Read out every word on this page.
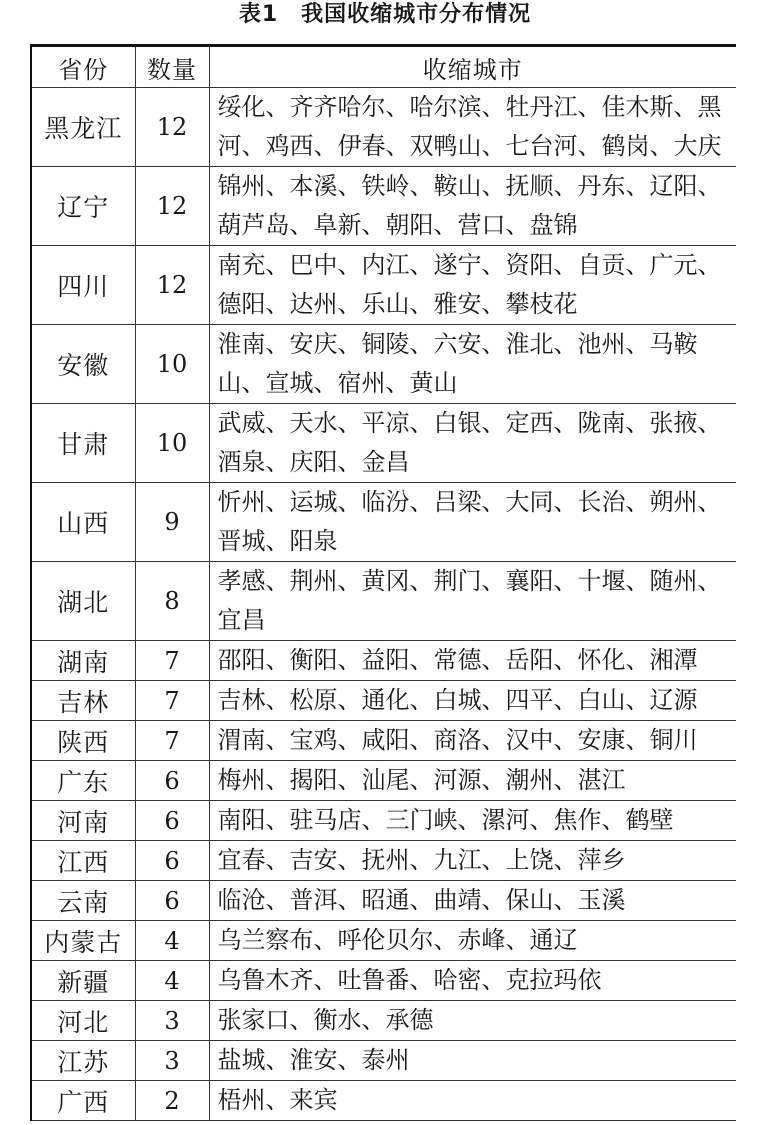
表1　我国收缩城市分布情况
省份	数量	收缩城市
黑龙江	12	绥化、齐齐哈尔、哈尔滨、牡丹江、佳木斯、黑河、鸡西、伊春、双鸭山、七台河、鹤岗、大庆
辽宁	12	锦州、本溪、铁岭、鞍山、抚顺、丹东、辽阳、葫芦岛、阜新、朝阳、营口、盘锦
四川	12	南充、巴中、内江、遂宁、资阳、自贡、广元、德阳、达州、乐山、雅安、攀枝花
安徽	10	淮南、安庆、铜陵、六安、淮北、池州、马鞍山、宣城、宿州、黄山
甘肃	10	武威、天水、平凉、白银、定西、陇南、张掖、酒泉、庆阳、金昌
山西	9	忻州、运城、临汾、吕梁、大同、长治、朔州、晋城、阳泉
湖北	8	孝感、荆州、黄冈、荆门、襄阳、十堰、随州、宜昌
湖南	7	邵阳、衡阳、益阳、常德、岳阳、怀化、湘潭
吉林	7	吉林、松原、通化、白城、四平、白山、辽源
陕西	7	渭南、宝鸡、咸阳、商洛、汉中、安康、铜川
广东	6	梅州、揭阳、汕尾、河源、潮州、湛江
河南	6	南阳、驻马店、三门峡、漯河、焦作、鹤壁
江西	6	宜春、吉安、抚州、九江、上饶、萍乡
云南	6	临沧、普洱、昭通、曲靖、保山、玉溪
内蒙古	4	乌兰察布、呼伦贝尔、赤峰、通辽
新疆	4	乌鲁木齐、吐鲁番、哈密、克拉玛依
河北	3	张家口、衡水、承德
江苏	3	盐城、淮安、泰州
广西	2	梧州、来宾
